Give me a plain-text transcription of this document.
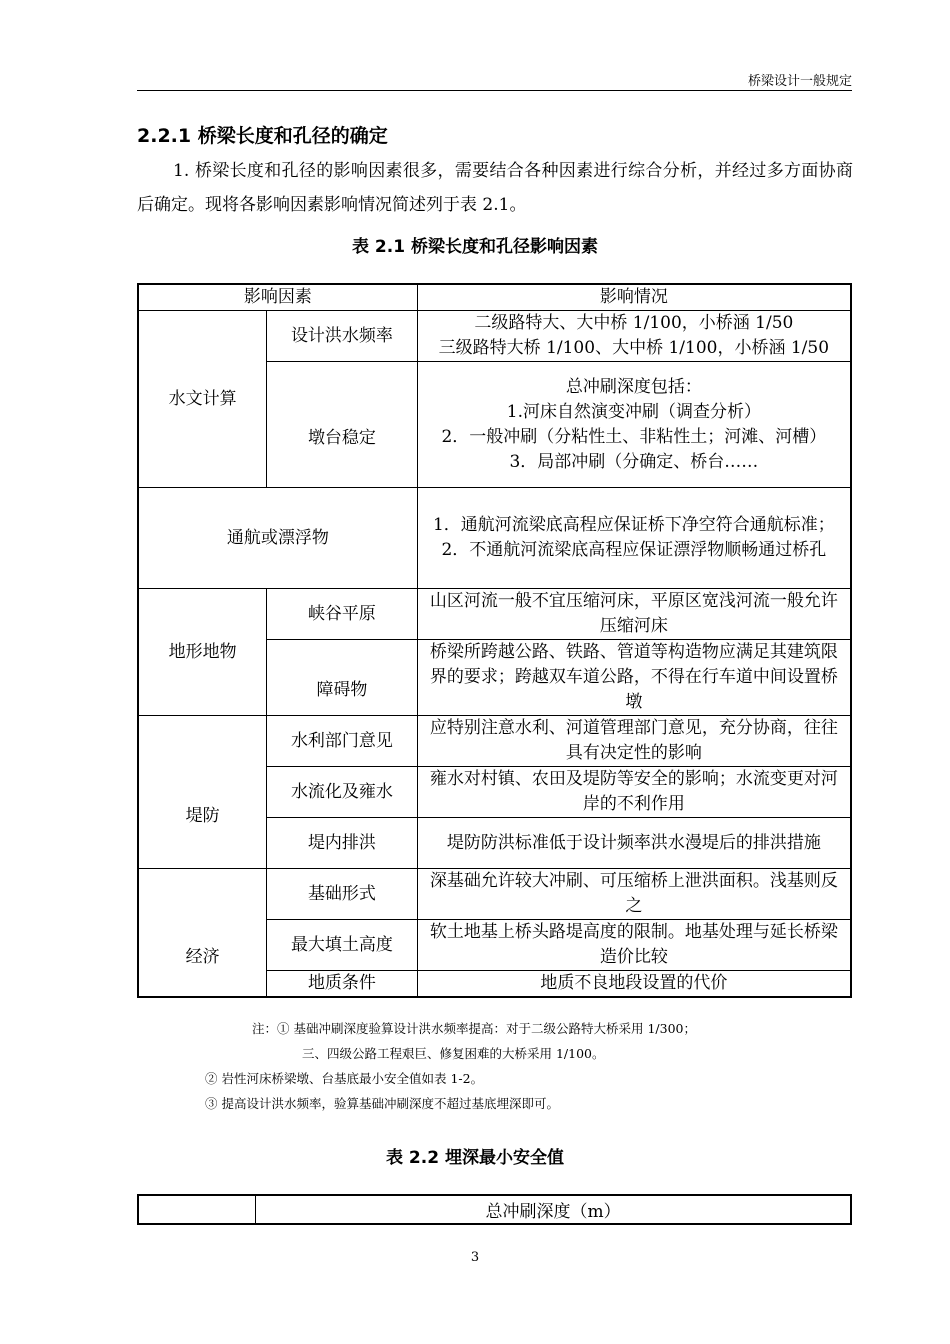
桥梁设计一般规定
2.2.1 桥梁长度和孔径的确定
1. 桥梁长度和孔径的影响因素很多，需要结合各种因素进行综合分析，并经过多方面协商后确定。现将各影响因素影响情况简述列于表 2.1。
表 2.1 桥梁长度和孔径影响因素
影响因素		影响情况
水文计算	设计洪水频率	二级路特大、大中桥 1/100，小桥涵 1/50
三级路特大桥 1/100、大中桥 1/100，小桥涵 1/50

	墩台稳定	总冲刷深度包括：
1.河床自然演变冲刷（调查分析）
2．一般冲刷（分粘性土、非粘性土；河滩、河槽）
3．局部冲刷（分确定、桥台……

通航或漂浮物		1．通航河流梁底高程应保证桥下净空符合通航标准；
2．不通航河流梁底高程应保证漂浮物顺畅通过桥孔

地形地物	峡谷平原	山区河流一般不宜压缩河床，平原区宽浅河流一般允许压缩河床
	障碍物	桥梁所跨越公路、铁路、管道等构造物应满足其建筑限界的要求；跨越双车道公路，不得在行车道中间设置桥墩
堤防	水利部门意见	应特别注意水利、河道管理部门意见，充分协商，往往具有决定性的影响
	水流化及雍水	雍水对村镇、农田及堤防等安全的影响；水流变更对河岸的不利作用
	堤内排洪	堤防防洪标准低于设计频率洪水漫堤后的排洪措施
经济	基础形式	深基础允许较大冲刷、可压缩桥上泄洪面积。浅基则反之
	最大填土高度	软土地基上桥头路堤高度的限制。地基处理与延长桥梁造价比较
	地质条件	地质不良地段设置的代价
注：① 基础冲刷深度验算设计洪水频率提高：对于二级公路特大桥采用 1/300；
三、四级公路工程艰巨、修复困难的大桥采用 1/100。
② 岩性河床桥梁墩、台基底最小安全值如表 1-2。
③ 提高设计洪水频率，验算基础冲刷深度不超过基底埋深即可。
表 2.2 埋深最小安全值
	总冲刷深度（m）
3
